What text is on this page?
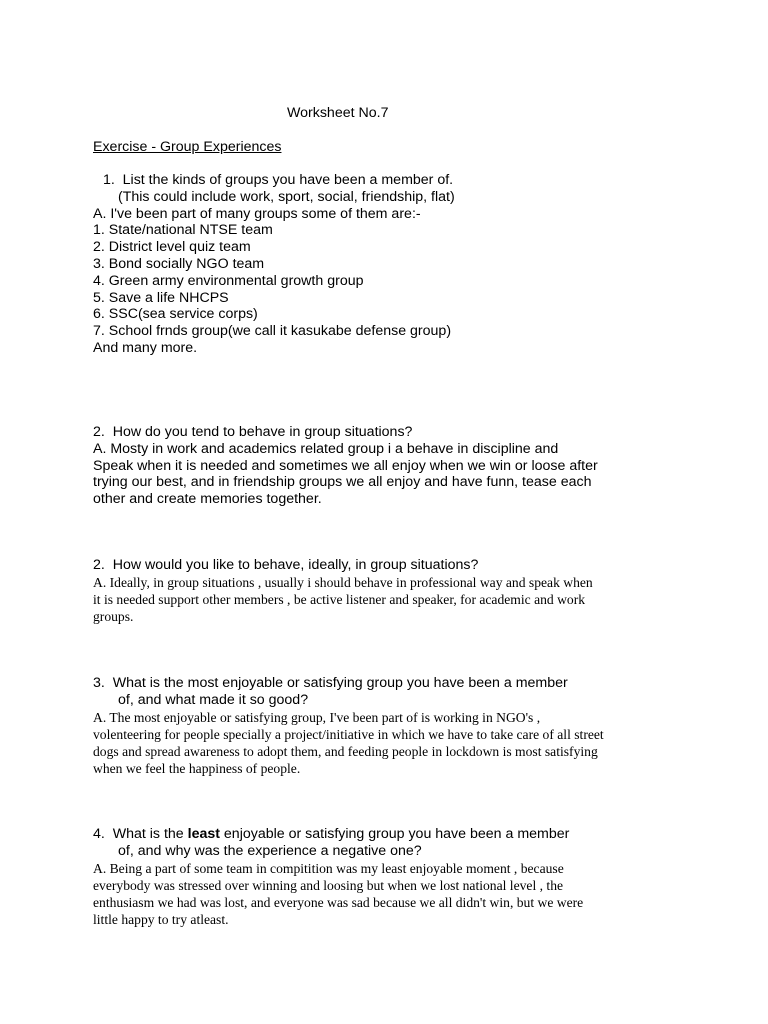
Worksheet No.7
Exercise - Group Experiences
1.  List the kinds of groups you have been a member of.
(This could include work, sport, social, friendship, flat)
A. I've been part of many groups some of them are:-
1. State/national NTSE team
2. District level quiz team
3. Bond socially NGO team
4. Green army environmental growth group
5. Save a life NHCPS
6. SSC(sea service corps)
7. School frnds group(we call it kasukabe defense group)
And many more.
2.  How do you tend to behave in group situations?
A. Mosty in work and academics related group i a behave in discipline and
Speak when it is needed and sometimes we all enjoy when we win or loose after
trying our best, and in friendship groups we all enjoy and have funn, tease each
other and create memories together.
2.  How would you like to behave, ideally, in group situations?
A. Ideally, in group situations , usually i should behave in professional way and speak when
it is needed support other members , be active listener and speaker, for academic and work
groups.
3.  What is the most enjoyable or satisfying group you have been a member
of, and what made it so good?
A. The most enjoyable or satisfying group, I've been part of is working in NGO's ,
volenteering for people specially a project/initiative in which we have to take care of all street
dogs and spread awareness to adopt them, and feeding people in lockdown is most satisfying
when we feel the happiness of people.
4.  What is the least enjoyable or satisfying group you have been a member
of, and why was the experience a negative one?
A. Being a part of some team in compitition was my least enjoyable moment , because
everybody was stressed over winning and loosing but when we lost national level , the
enthusiasm we had was lost, and everyone was sad because we all didn't win, but we were
little happy to try atleast.
